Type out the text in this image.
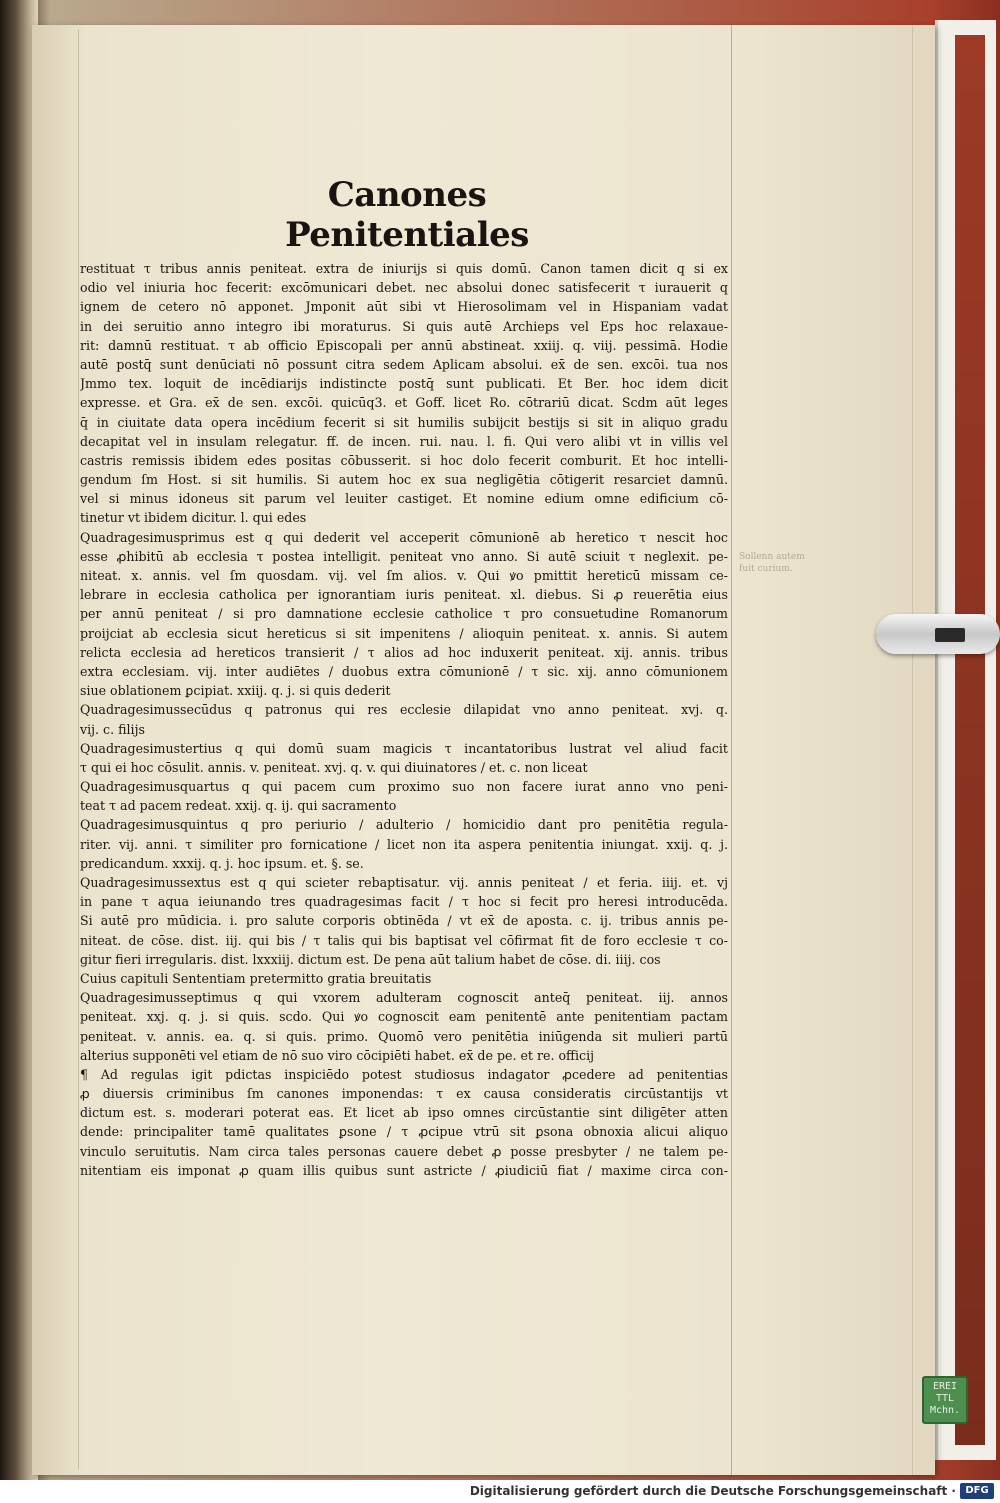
Canones Penitentiales
restituat τ tribus annis peniteat. extra de iniurijs si quis domū. Canon tamen dicit q si ex
odio vel iniuria hoc fecerit: excōmunicari debet. nec absolui donec satisfecerit τ iurauerit q
ignem de cetero nō apponet. Jmponit aūt sibi vt Hierosolimam vel in Hispaniam vadat
in dei seruitio anno integro ibi moraturus. Si quis autē Archieps vel Eps hoc relaxaue-
rit: damnū restituat. τ ab officio Episcopali per annū abstineat. xxiij. q. viij. pessimā. Hodie
autē postq̄ sunt denūciati nō possunt citra sedem Aplicam absolui. ex̄ de sen. excōi. tua nos
Jmmo tex. loquit de incēdiarijs indistincte postq̄ sunt publicati. Et Ber. hoc idem dicit
expresse. et Gra. ex̄ de sen. excōi. quicūq3. et Goff. licet Ro. cōtrariū dicat. Scdm aūt leges
q̄ in ciuitate data opera incēdium fecerit si sit humilis subijcit bestijs si sit in aliquo gradu
decapitat vel in insulam relegatur. ff. de incen. rui. nau. l. fi. Qui vero alibi vt in villis vel
castris remissis ibidem edes positas cōbusserit. si hoc dolo fecerit comburit. Et hoc intelli-
gendum ſm Host. si sit humilis. Si autem hoc ex sua negligētia cōtigerit resarciet damnū.
vel si minus idoneus sit parum vel leuiter castiget. Et nomine edium omne edificium cō-
tinetur vt ibidem dicitur. l. qui edes
Quadragesimusprimus est q qui dederit vel acceperit cōmunionē ab heretico τ nescit hoc
esse ꝓhibitū ab ecclesia τ postea intelligit. peniteat vno anno. Si autē sciuit τ neglexit. pe-
niteat. x. annis. vel ſm quosdam. vij. vel ſm alios. v. Qui ꝟo pmittit hereticū missam ce-
lebrare in ecclesia catholica per ignorantiam iuris peniteat. xl. diebus. Si ꝓ reuerētia eius
per annū peniteat / si pro damnatione ecclesie catholice τ pro consuetudine Romanorum
proijciat ab ecclesia sicut hereticus si sit impenitens / alioquin peniteat. x. annis. Si autem
relicta ecclesia ad hereticos transierit / τ alios ad hoc induxerit peniteat. xij. annis. tribus
extra ecclesiam. vij. inter audiētes / duobus extra cōmunionē / τ sic. xij. anno cōmunionem
siue oblationem ꝑcipiat. xxiij. q. j. si quis dederit
Quadragesimussecūdus q patronus qui res ecclesie dilapidat vno anno peniteat. xvj. q.
vij. c. filijs
Quadragesimustertius q qui domū suam magicis τ incantatoribus lustrat vel aliud facit
τ qui ei hoc cōsulit. annis. v. peniteat. xvj. q. v. qui diuinatores / et. c. non liceat
Quadragesimusquartus q qui pacem cum proximo suo non facere iurat anno vno peni-
teat τ ad pacem redeat. xxij. q. ij. qui sacramento
Quadragesimusquintus q pro periurio / adulterio / homicidio dant pro penitētia regula-
riter. vij. anni. τ similiter pro fornicatione / licet non ita aspera penitentia iniungat. xxij. q. j.
predicandum. xxxij. q. j. hoc ipsum. et. §. se.
Quadragesimussextus est q qui scieter rebaptisatur. vij. annis peniteat / et feria. iiij. et. vj
in pane τ aqua ieiunando tres quadragesimas facit / τ hoc si fecit pro heresi introducēda.
Si autē pro mūdicia. i. pro salute corporis obtinēda / vt ex̄ de aposta. c. ij. tribus annis pe-
niteat. de cōse. dist. iij. qui bis / τ talis qui bis baptisat vel cōfirmat fit de foro ecclesie τ co-
gitur fieri irregularis. dist. lxxxiij. dictum est. De pena aūt talium habet de cōse. di. iiij. cos
Cuius capituli Sententiam pretermitto gratia breuitatis
Quadragesimusseptimus q qui vxorem adulteram cognoscit anteq̄ peniteat. iij. annos
peniteat. xxj. q. j. si quis. scdo. Qui ꝟo cognoscit eam penitentē ante penitentiam pactam
peniteat. v. annis. ea. q. si quis. primo. Quomō vero penitētia iniūgenda sit mulieri partū
alterius supponēti vel etiam de nō suo viro cōcipiēti habet. ex̄ de pe. et re. officij
¶ Ad regulas igit pdictas inspiciēdo potest studiosus indagator ꝓcedere ad penitentias
ꝓ diuersis criminibus ſm canones imponendas: τ ex causa consideratis circūstantijs vt
dictum est. s. moderari poterat eas. Et licet ab ipso omnes circūstantie sint diligēter atten
dende: principaliter tamē qualitates ꝑsone / τ ꝓcipue vtrū sit ꝑsona obnoxia alicui aliquo
vinculo seruitutis. Nam circa tales personas cauere debet ꝓ posse presbyter / ne talem pe-
nitentiam eis imponat ꝓ quam illis quibus sunt astricte / ꝓiudiciū fiat / maxime circa con-
Sollenn autem fuit curium.
EREI
TTL
Mchn.
Digitalisierung gefördert durch die Deutsche Forschungsgemeinschaft · DFG
